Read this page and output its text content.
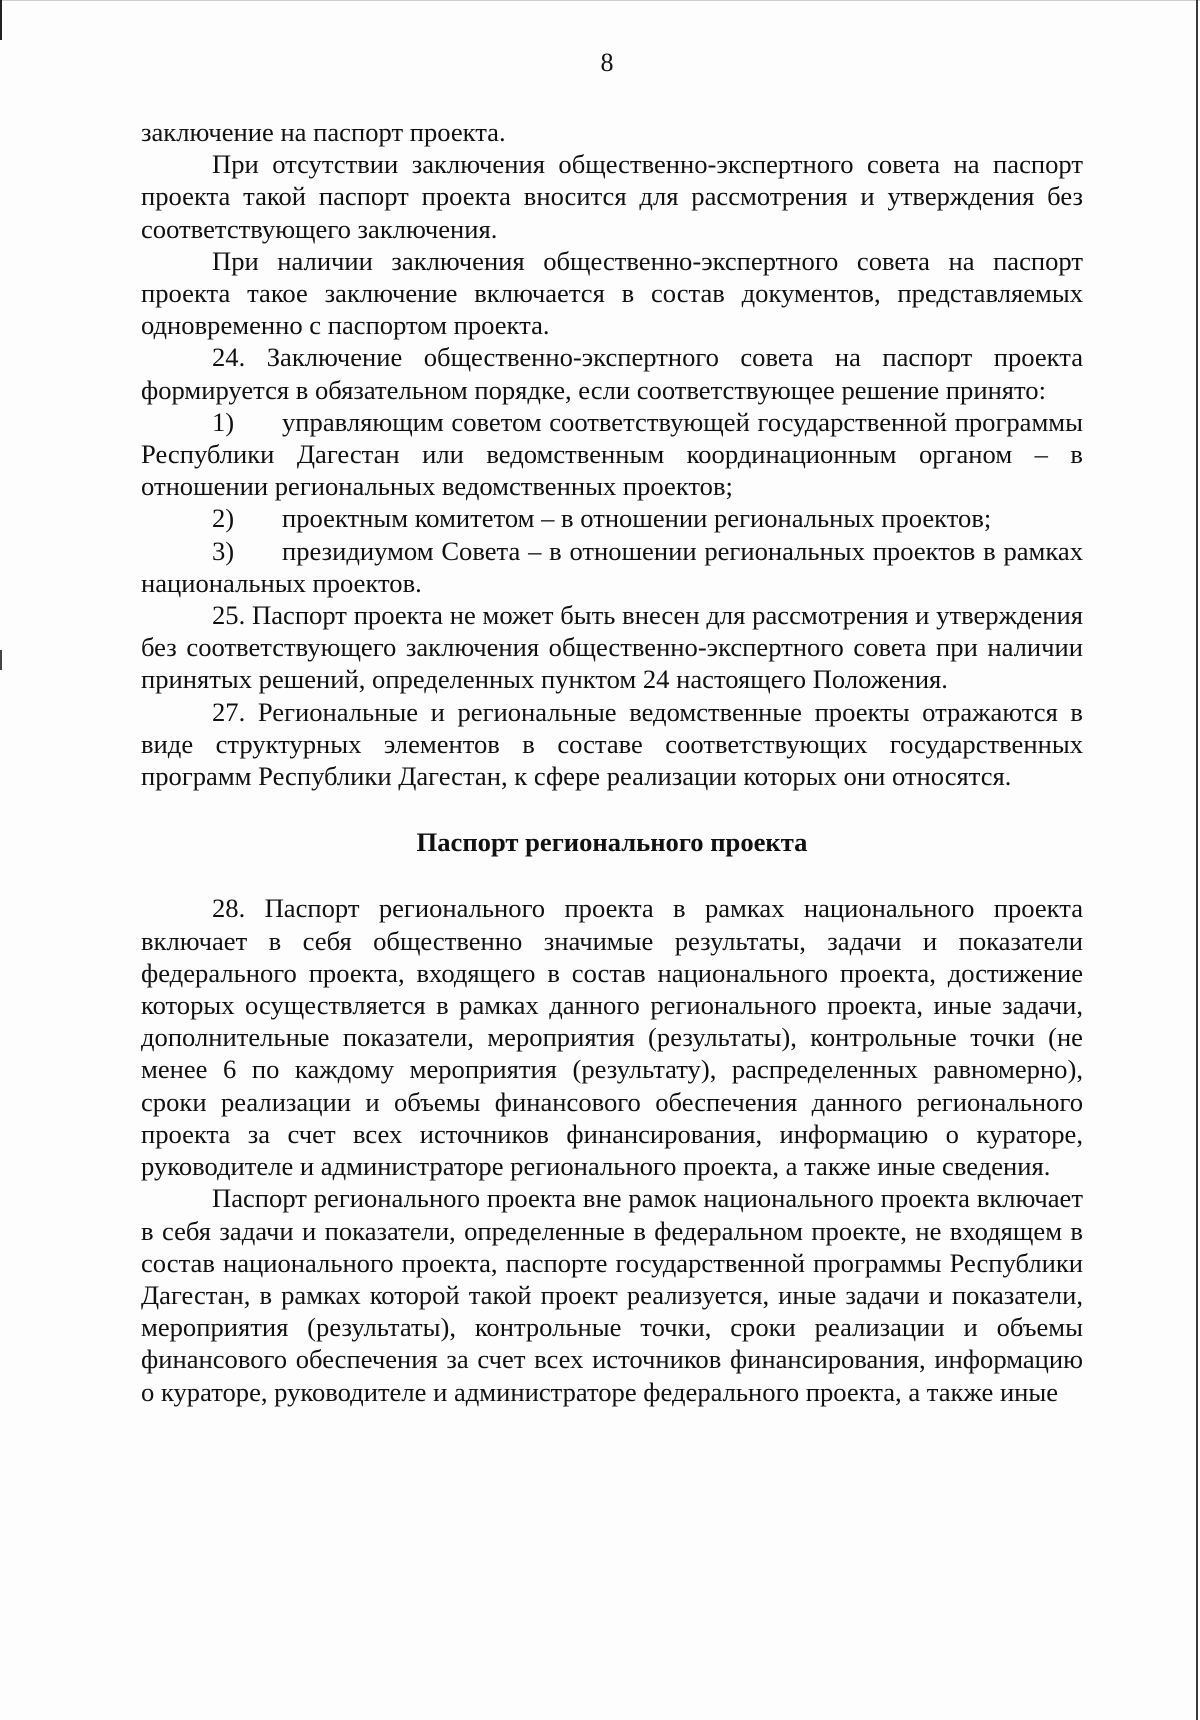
8

заключение на паспорт проекта.

При отсутствии заключения общественно-экспертного совета на паспорт проекта такой паспорт проекта вносится для рассмотрения и утверждения без соответствующего заключения.

При наличии заключения общественно-экспертного совета на паспорт проекта такое заключение включается в состав документов, представляемых одновременно с паспортом проекта.

24. Заключение общественно-экспертного совета на паспорт проекта формируется в обязательном порядке, если соответствующее решение принято:

1) управляющим советом соответствующей государственной программы Республики Дагестан или ведомственным координационным органом – в отношении региональных ведомственных проектов;
2) проектным комитетом – в отношении региональных проектов;
3) президиумом Совета – в отношении региональных проектов в рамках национальных проектов.

25. Паспорт проекта не может быть внесен для рассмотрения и утверждения без соответствующего заключения общественно-экспертного совета при наличии принятых решений, определенных пунктом 24 настоящего Положения.

27. Региональные и региональные ведомственные проекты отражаются в виде структурных элементов в составе соответствующих государственных программ Республики Дагестан, к сфере реализации которых они относятся.

Паспорт регионального проекта

28. Паспорт регионального проекта в рамках национального проекта включает в себя общественно значимые результаты, задачи и показатели федерального проекта, входящего в состав национального проекта, достижение которых осуществляется в рамках данного регионального проекта, иные задачи, дополнительные показатели, мероприятия (результаты), контрольные точки (не менее 6 по каждому мероприятия (результату), распределенных равномерно), сроки реализации и объемы финансового обеспечения данного регионального проекта за счет всех источников финансирования, информацию о кураторе, руководителе и администраторе регионального проекта, а также иные сведения.

Паспорт регионального проекта вне рамок национального проекта включает в себя задачи и показатели, определенные в федеральном проекте, не входящем в состав национального проекта, паспорте государственной программы Республики Дагестан, в рамках которой такой проект реализуется, иные задачи и показатели, мероприятия (результаты), контрольные точки, сроки реализации и объемы финансового обеспечения за счет всех источников финансирования, информацию о кураторе, руководителе и администраторе федерального проекта, а также иные
